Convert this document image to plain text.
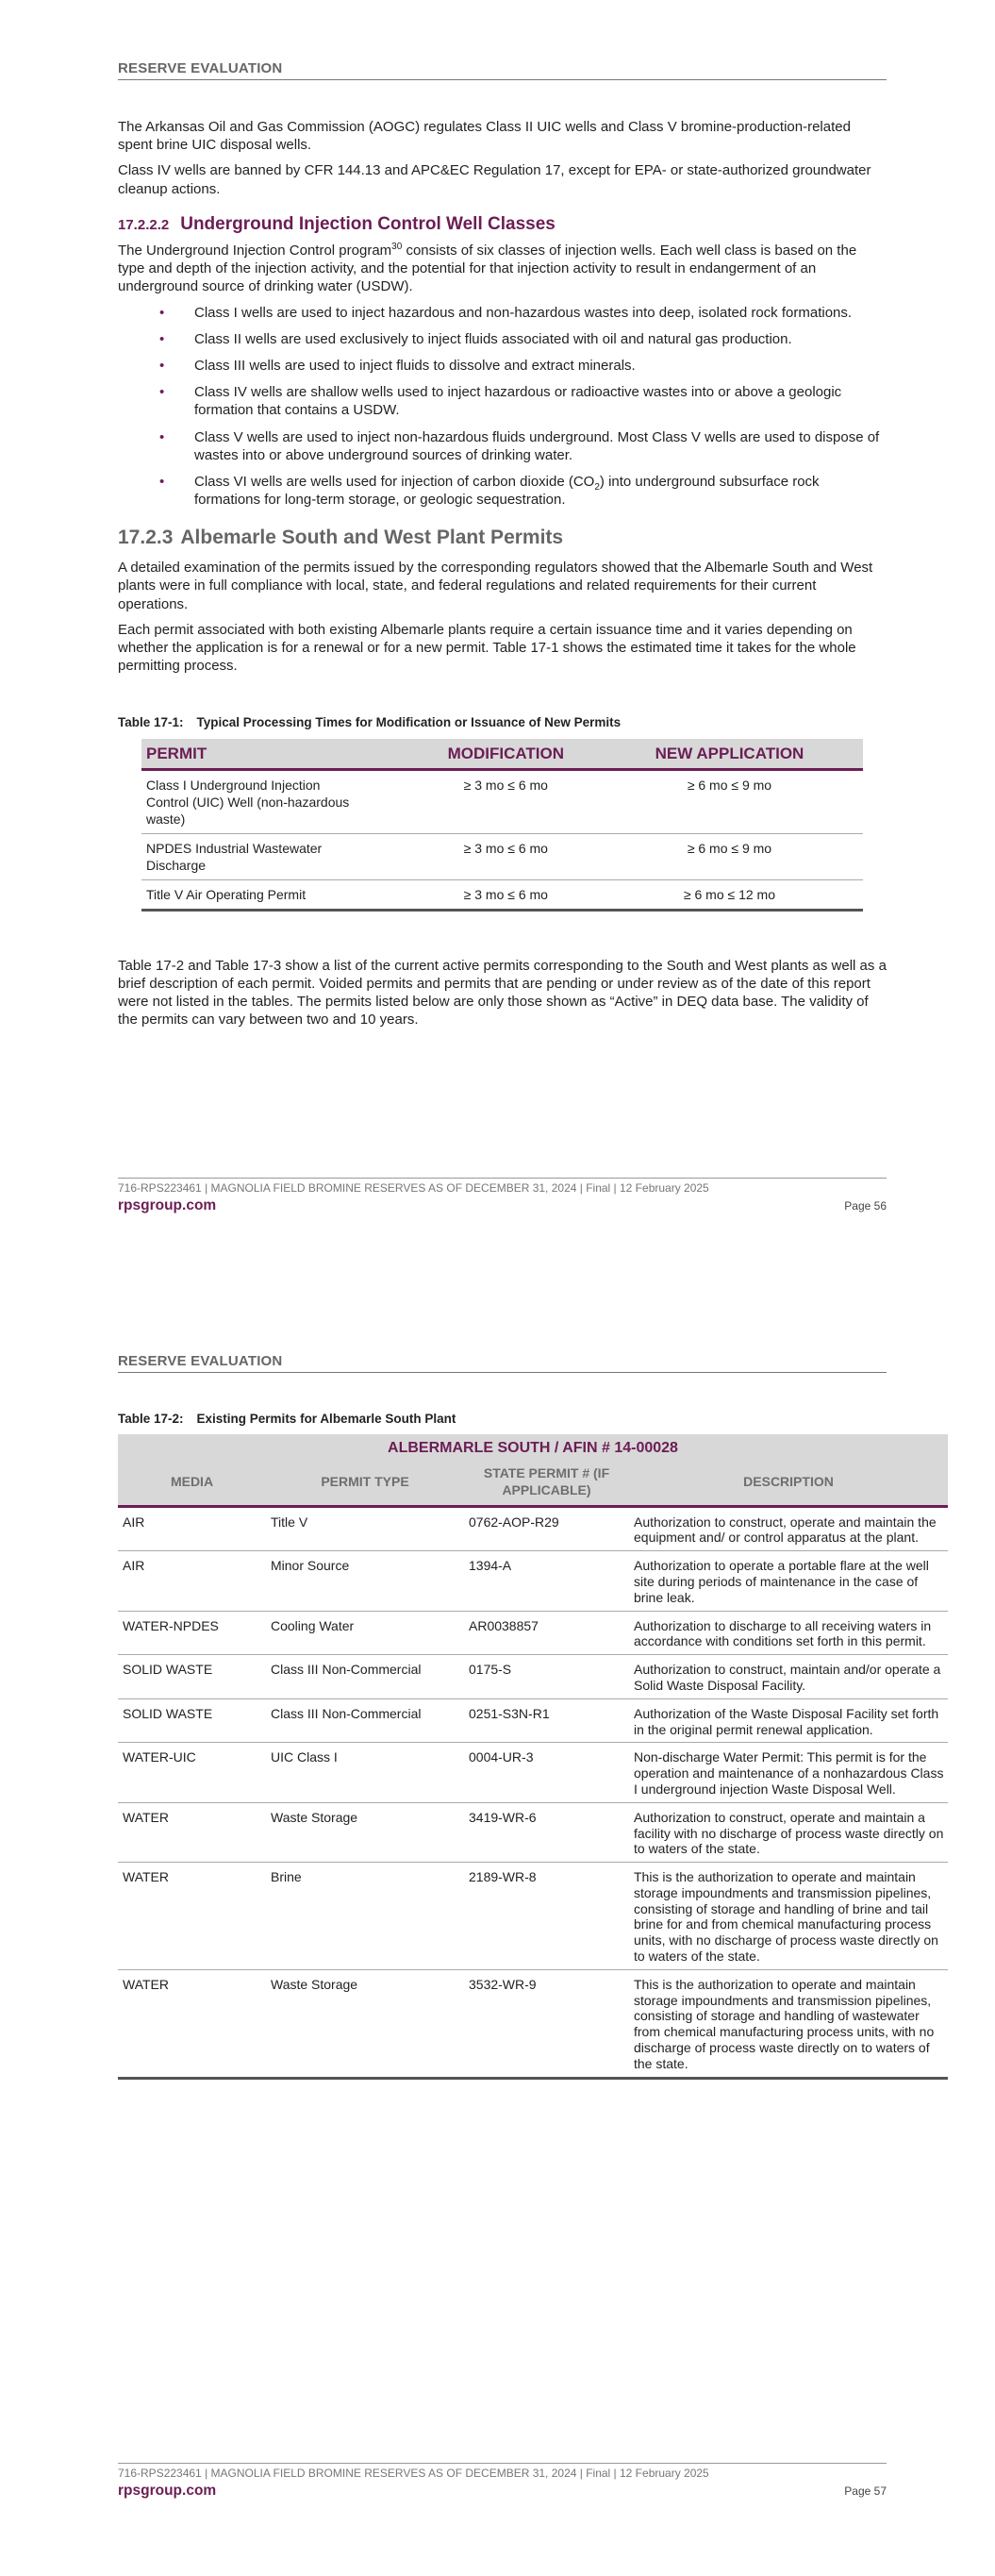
RESERVE EVALUATION

The Arkansas Oil and Gas Commission (AOGC) regulates Class II UIC wells and Class V bromine-production-related spent brine UIC disposal wells.

Class IV wells are banned by CFR 144.13 and APC&EC Regulation 17, except for EPA- or state-authorized groundwater cleanup actions.

17.2.2.2 Underground Injection Control Well Classes

The Underground Injection Control program$^{30}$ consists of six classes of injection wells. Each well class is based on the type and depth of the injection activity, and the potential for that injection activity to result in endangerment of an underground source of drinking water (USDW).

• Class I wells are used to inject hazardous and non-hazardous wastes into deep, isolated rock formations.
• Class II wells are used exclusively to inject fluids associated with oil and natural gas production.
• Class III wells are used to inject fluids to dissolve and extract minerals.
• Class IV wells are shallow wells used to inject hazardous or radioactive wastes into or above a geologic formation that contains a USDW.
• Class V wells are used to inject non-hazardous fluids underground. Most Class V wells are used to dispose of wastes into or above underground sources of drinking water.
• Class VI wells are wells used for injection of carbon dioxide $(CO_2)$ into underground subsurface rock formations for long-term storage, or geologic sequestration.
17.2.3 Albemarle South and West Plant Permits

A detailed examination of the permits issued by the corresponding regulators showed that the Albemarle South and West plants were in full compliance with local, state, and federal regulations and related requirements for their current operations.

Each permit associated with both existing Albemarle plants require a certain issuance time and it varies depending on whether the application is for a renewal or for a new permit. Table 17-1 shows the estimated time it takes for the whole permitting process.

Table 17-1: Typical Processing Times for Modification or Issuance of New Permits
PERMIT	MODIFICATION	NEW APPLICATION
Class I Underground Injection Control (UIC) Well (non-hazardous waste)	≥ 3 mo ≤ 6 mo	≥ 6 mo ≤ 9 mo
NPDES Industrial Wastewater Discharge	≥ 3 mo ≤ 6 mo	≥ 6 mo ≤ 9 mo
Title V Air Operating Permit	≥ 3 mo ≤ 6 mo	≥ 6 mo ≤ 12 mo

Table 17-2 and Table 17-3 show a list of the current active permits corresponding to the South and West plants as well as a brief description of each permit. Voided permits and permits that are pending or under review as of the date of this report were not listed in the tables. The permits listed below are only those shown as “Active” in DEQ data base. The validity of the permits can vary between two and 10 years.

716-RPS223461 | MAGNOLIA FIELD BROMINE RESERVES AS OF DECEMBER 31, 2024 | Final | 12 February 2025
rpsgroup.com	Page 56
RESERVE EVALUATION
Table 17-2: Existing Permits for Albemarle South Plant
ALBERMARLE SOUTH / AFIN # 14-00028			
MEDIA	PERMIT TYPE	STATE PERMIT # (IF APPLICABLE)	DESCRIPTION
AIR	Title V	0762-AOP-R29	Authorization to construct, operate and maintain the equipment and/ or control apparatus at the plant.
AIR	Minor Source	1394-A	Authorization to operate a portable flare at the well site during periods of maintenance in the case of brine leak.
WATER-NPDES	Cooling Water	AR0038857	Authorization to discharge to all receiving waters in accordance with conditions set forth in this permit.
SOLID WASTE	Class III Non-Commercial	0175-S	Authorization to construct, maintain and/or operate a Solid Waste Disposal Facility.
SOLID WASTE	Class III Non-Commercial	0251-S3N-R1	Authorization of the Waste Disposal Facility set forth in the original permit renewal application.
WATER-UIC	UIC Class I	0004-UR-3	Non-discharge Water Permit: This permit is for the operation and maintenance of a nonhazardous Class I underground injection Waste Disposal Well.
WATER	Waste Storage	3419-WR-6	Authorization to construct, operate and maintain a facility with no discharge of process waste directly on to waters of the state.
WATER	Brine	2189-WR-8	This is the authorization to operate and maintain storage impoundments and transmission pipelines, consisting of storage and handling of brine and tail brine for and from chemical manufacturing process units, with no discharge of process waste directly on to waters of the state.
WATER	Waste Storage	3532-WR-9	This is the authorization to operate and maintain storage impoundments and transmission pipelines, consisting of storage and handling of wastewater from chemical manufacturing process units, with no discharge of process waste directly on to waters of the state.
716-RPS223461 | MAGNOLIA FIELD BROMINE RESERVES AS OF DECEMBER 31, 2024 | Final | 12 February 2025
rpsgroup.com	Page 57
